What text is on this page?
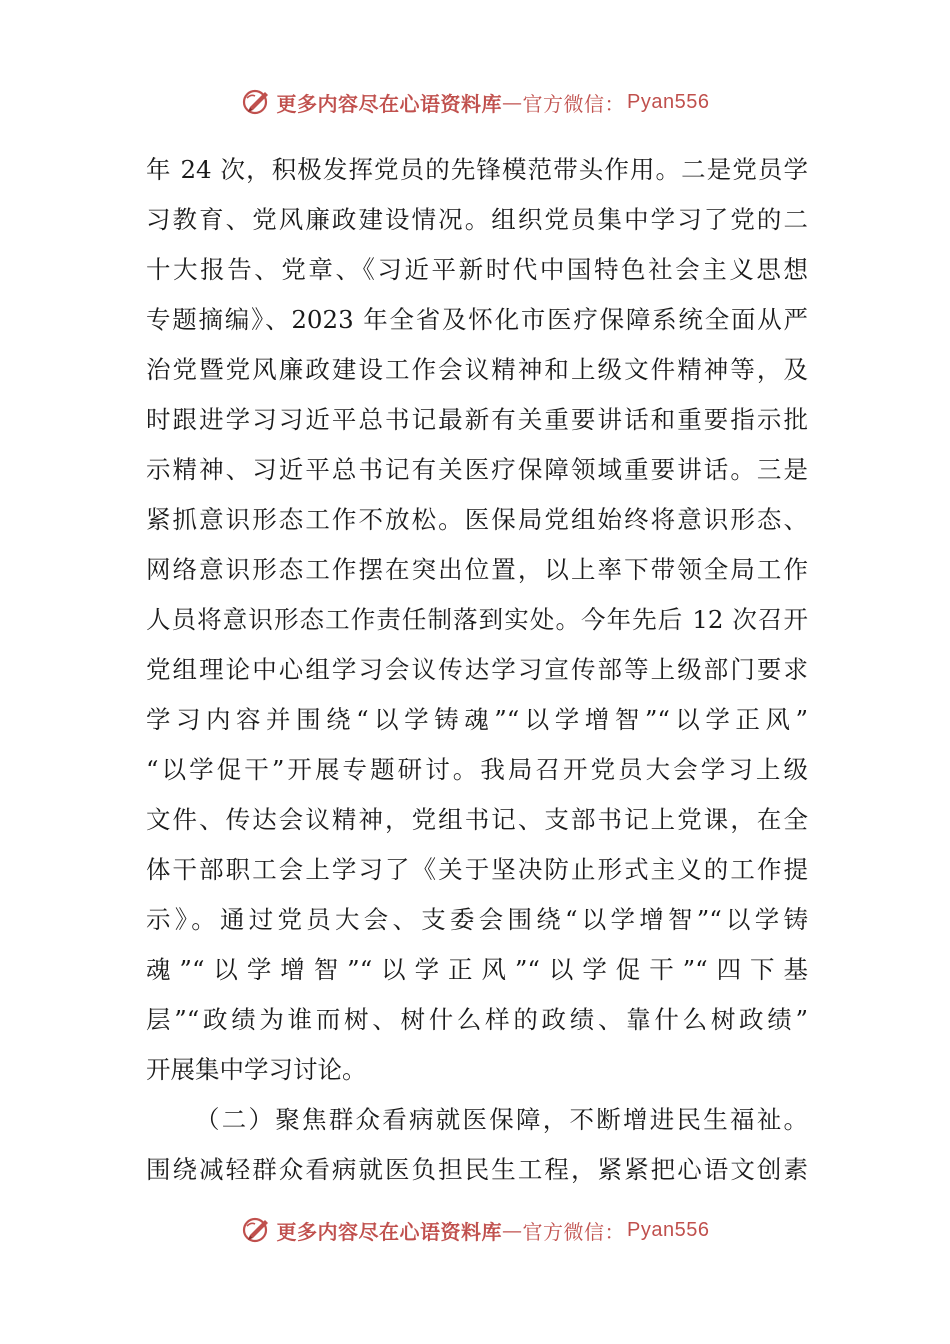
更多内容尽在心语资料库 — 官方微信： Pyan556
年 24 次，积极发挥党员的先锋模范带头作用。二是党员学
习教育、党风廉政建设情况。组织党员集中学习了党的二
十大报告、党章、《习近平新时代中国特色社会主义思想
专题摘编》、2023 年全省及怀化市医疗保障系统全面从严
治党暨党风廉政建设工作会议精神和上级文件精神等，及
时跟进学习习近平总书记最新有关重要讲话和重要指示批
示精神、习近平总书记有关医疗保障领域重要讲话。三是
紧抓意识形态工作不放松。医保局党组始终将意识形态、
网络意识形态工作摆在突出位置，以上率下带领全局工作
人员将意识形态工作责任制落到实处。今年先后 12 次召开
党组理论中心组学习会议传达学习宣传部等上级部门要求
学习内容并围绕“以学铸魂”“以学增智”“以学正风”
“以学促干”开展专题研讨。我局召开党员大会学习上级
文件、传达会议精神，党组书记、支部书记上党课，在全
体干部职工会上学习了《关于坚决防止形式主义的工作提
示》。通过党员大会、支委会围绕“以学增智”“以学铸
魂”“以学增智”“以学正风”“以学促干”“四下基
层”“政绩为谁而树、树什么样的政绩、靠什么树政绩”
开展集中学习讨论。
（二）聚焦群众看病就医保障，不断增进民生福祉。
围绕减轻群众看病就医负担民生工程，紧紧把心语文创素
更多内容尽在心语资料库 — 官方微信： Pyan556
